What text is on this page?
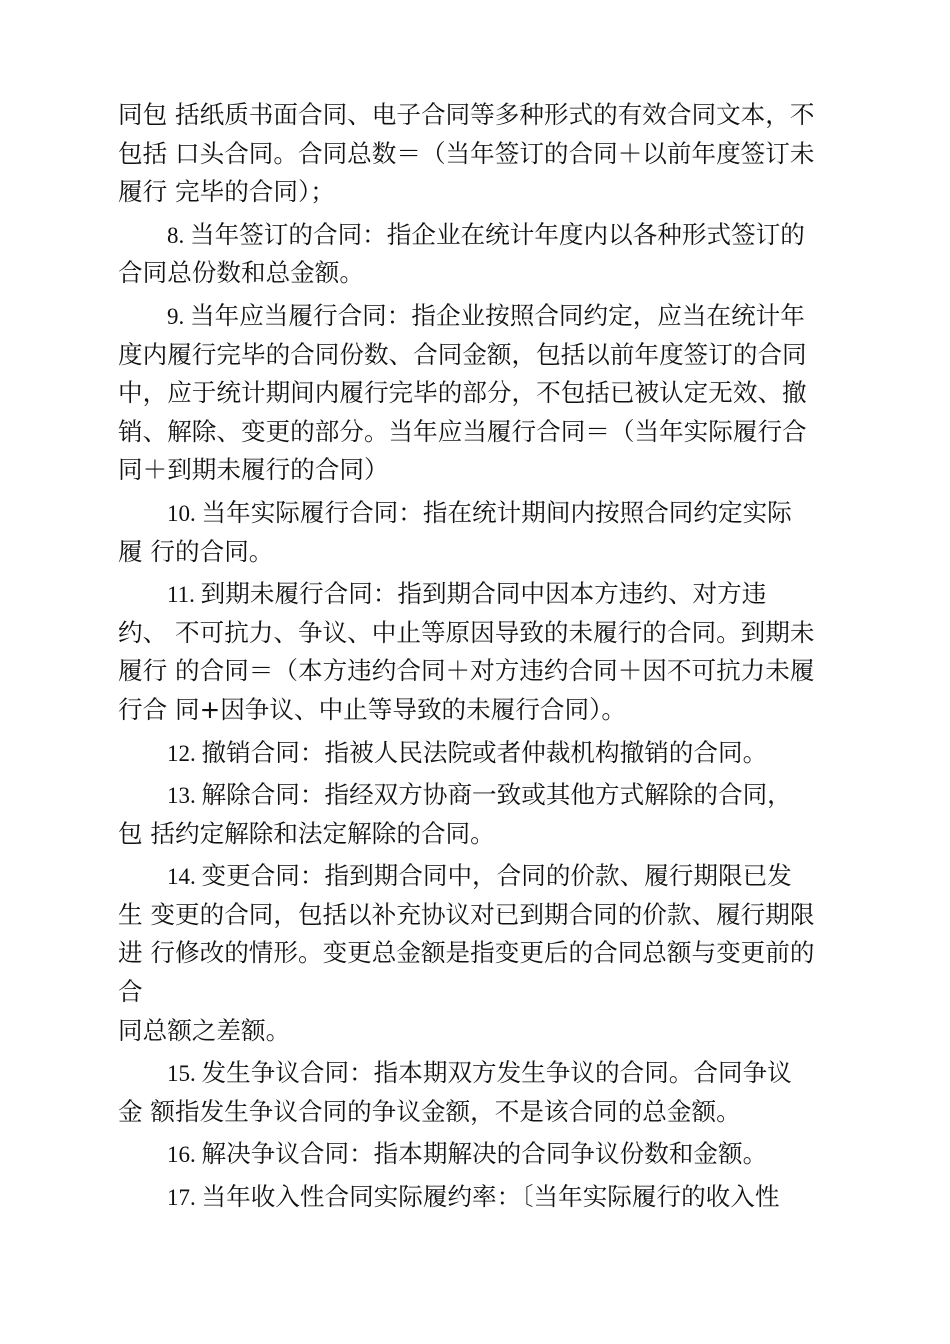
同包 括纸质书面合同、电子合同等多种形式的有效合同文本，不
包括 口头合同。合同总数＝（当年签订的合同＋以前年度签订未
履行 完毕的合同）；
8. 当年签订的合同：指企业在统计年度内以各种形式签订的
合同总份数和总金额。
9. 当年应当履行合同：指企业按照合同约定，应当在统计年
度内履行完毕的合同份数、合同金额，包括以前年度签订的合同
中，应于统计期间内履行完毕的部分，不包括已被认定无效、撤
销、解除、变更的部分。当年应当履行合同＝（当年实际履行合
同＋到期未履行的合同）
10. 当年实际履行合同：指在统计期间内按照合同约定实际
履 行的合同。
11. 到期未履行合同：指到期合同中因本方违约、对方违
约、 不可抗力、争议、中止等原因导致的未履行的合同。到期未
履行 的合同＝（本方违约合同＋对方违约合同＋因不可抗力未履
行合 同+因争议、中止等导致的未履行合同）。
12. 撤销合同：指被人民法院或者仲裁机构撤销的合同。
13. 解除合同：指经双方协商一致或其他方式解除的合同，
包 括约定解除和法定解除的合同。
14. 变更合同：指到期合同中，合同的价款、履行期限已发
生 变更的合同，包括以补充协议对已到期合同的价款、履行期限
进 行修改的情形。变更总金额是指变更后的合同总额与变更前的
合
同总额之差额。
15. 发生争议合同：指本期双方发生争议的合同。合同争议
金 额指发生争议合同的争议金额，不是该合同的总金额。
16. 解决争议合同：指本期解决的合同争议份数和金额。
17. 当年收入性合同实际履约率：〔当年实际履行的收入性
